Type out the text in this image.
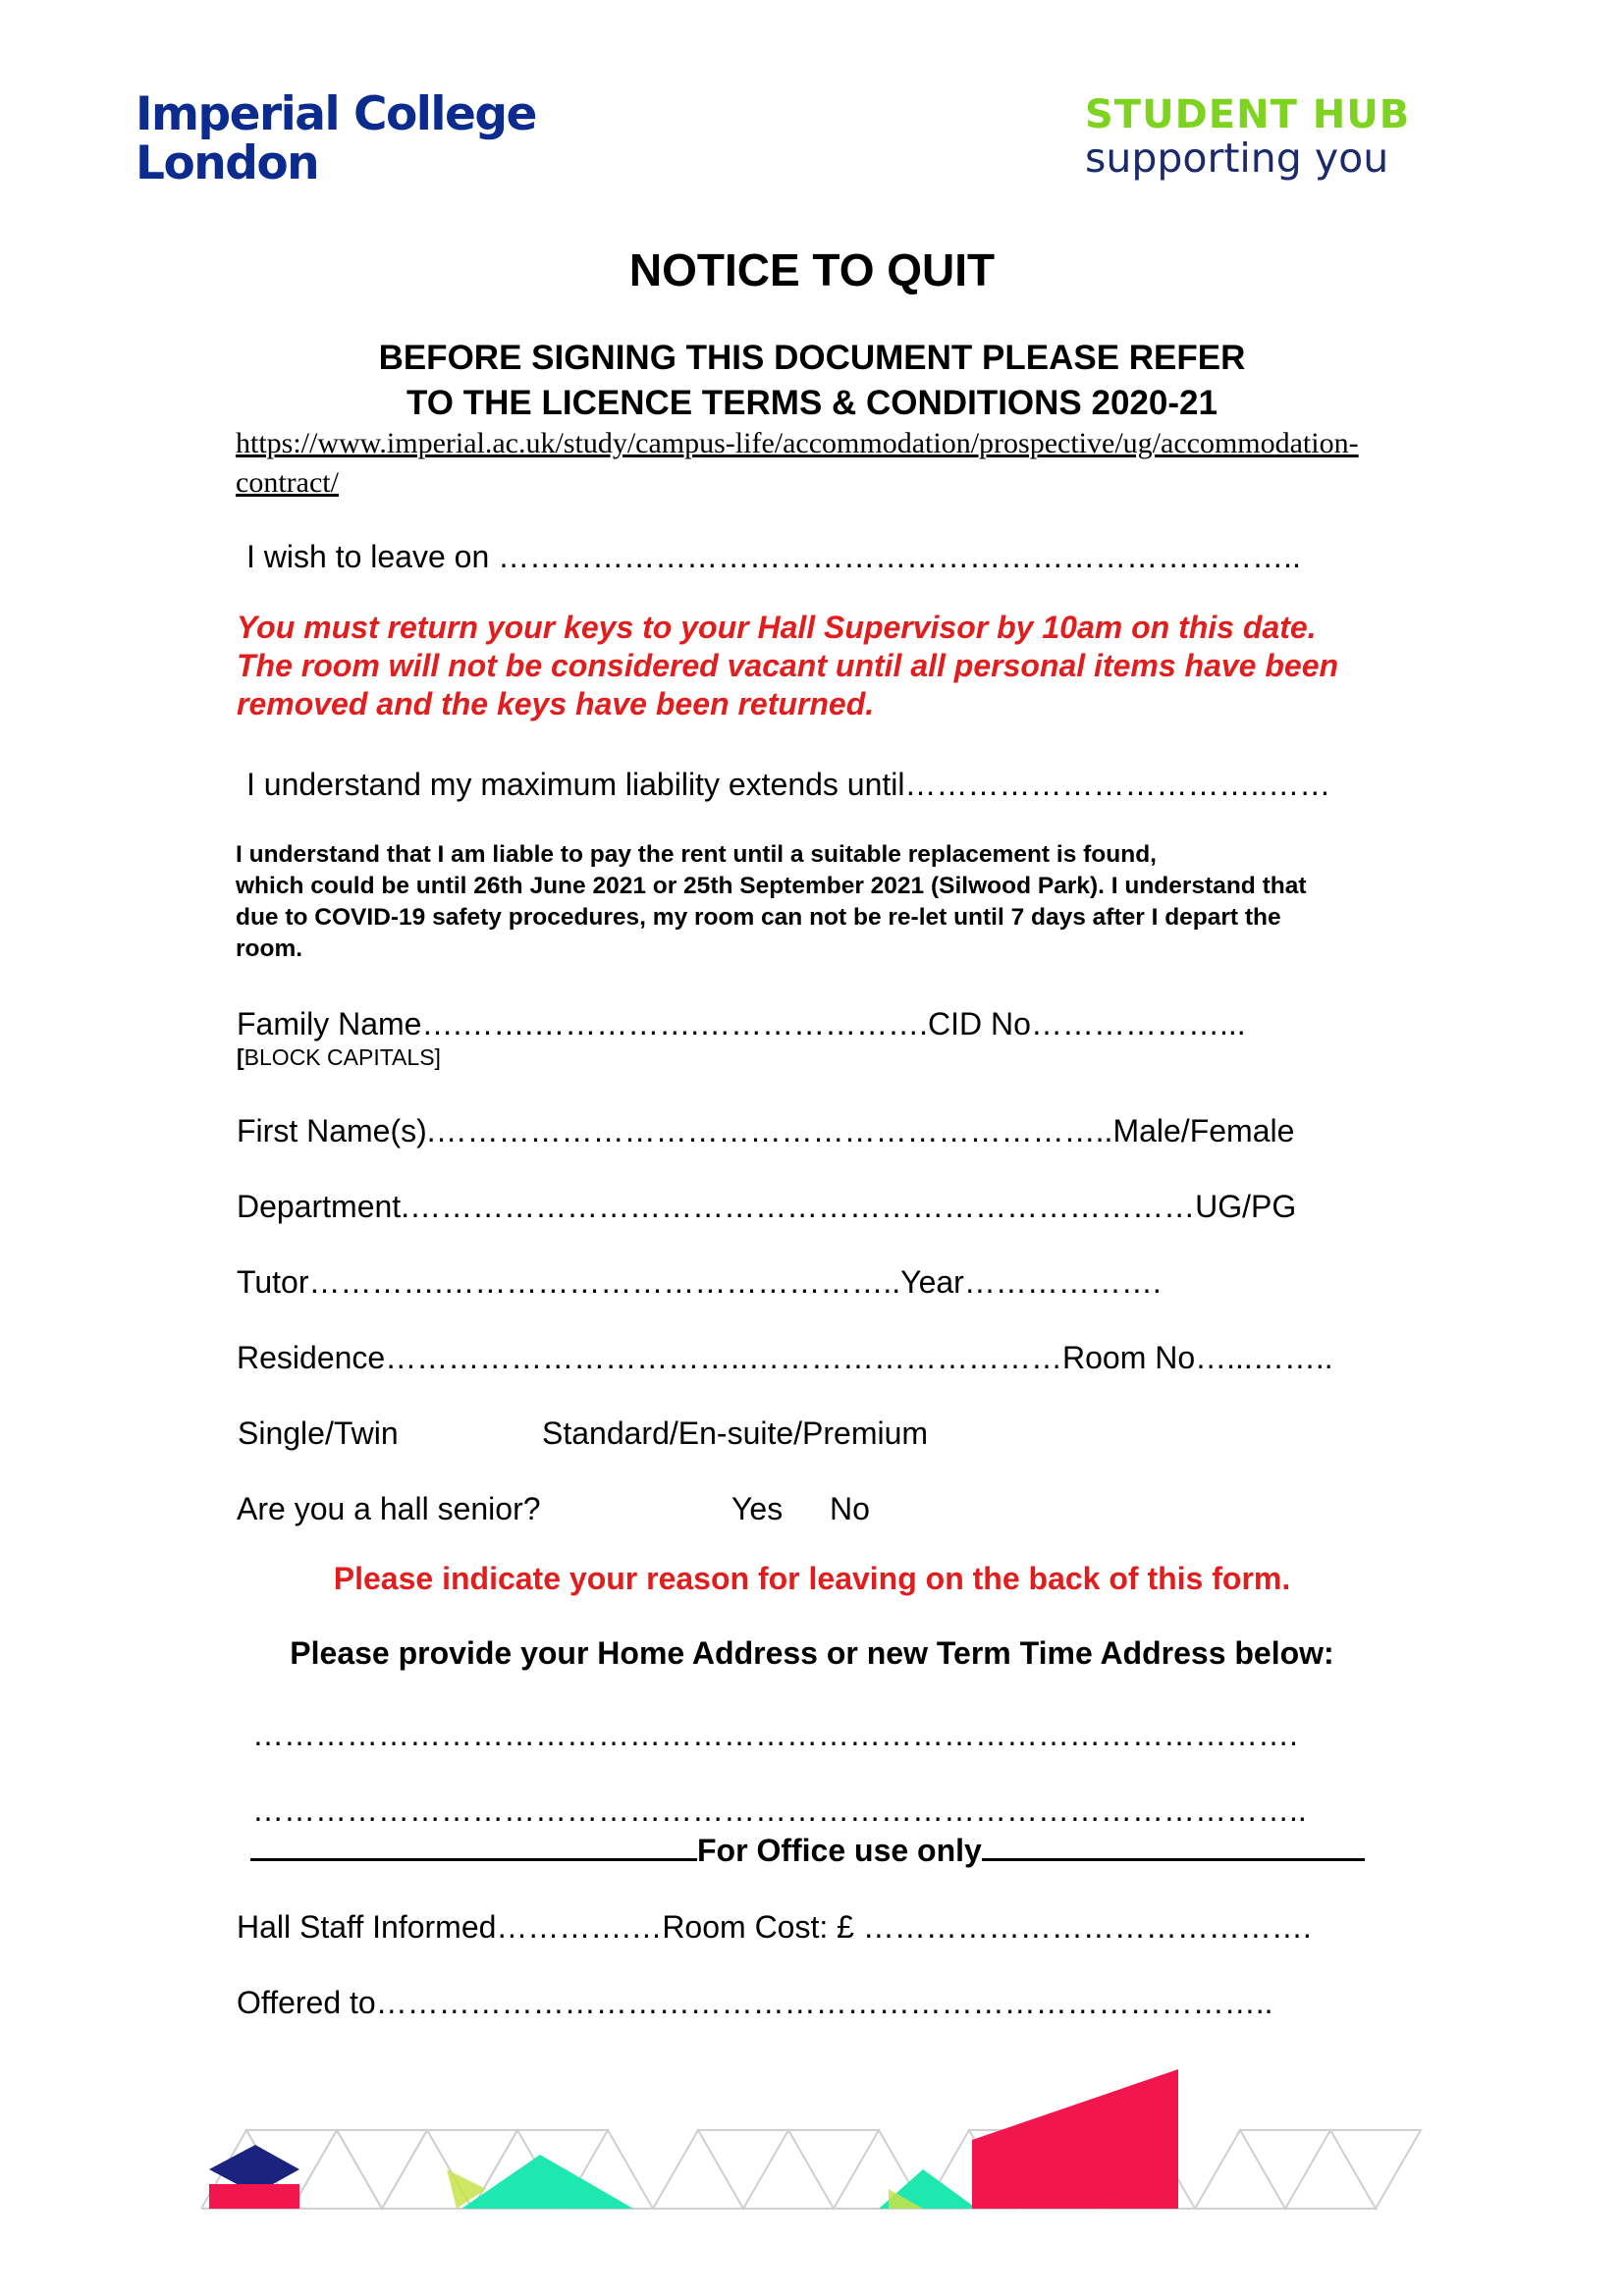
Imperial College
London
STUDENT HUB
supporting you
NOTICE TO QUIT
BEFORE SIGNING THIS DOCUMENT PLEASE REFER
TO THE LICENCE TERMS & CONDITIONS 2020-21
https://www.imperial.ac.uk/study/campus-life/accommodation/prospective/ug/accommodation-
contract/
I wish to leave on …………………………………………………………………..
You must return your keys to your Hall Supervisor by 10am on this date.
The room will not be considered vacant until all personal items have been
removed and the keys have been returned.
I understand my maximum liability extends until……………………………..……
I understand that I am liable to pay the rent until a suitable replacement is found,
which could be until 26th June 2021 or 25th September 2021 (Silwood Park). I understand that
due to COVID-19 safety procedures, my room can not be re-let until 7 days after I depart the
room.
Family Name….…….…………….………………….CID No………………...
[BLOCK CAPITALS]
First Name(s).………………………………………………………..Male/Female
Department.…………………………………………………………………UG/PG
Tutor………….……………………………………..Year……………….
Residence……………………………..…………………………Room No…...……..
Single/Twin	Standard/En-suite/Premium
Are you a hall senior?	Yes No
Please indicate your reason for leaving on the back of this form.
Please provide your Home Address or new Term Time Address below:
……………………………………………………………………………………….
………………………………………………………………………………………..
For Office use only
Hall Staff Informed………….…Room Cost: £ …………………………………….
Offered to…………………………………………………………………………..
